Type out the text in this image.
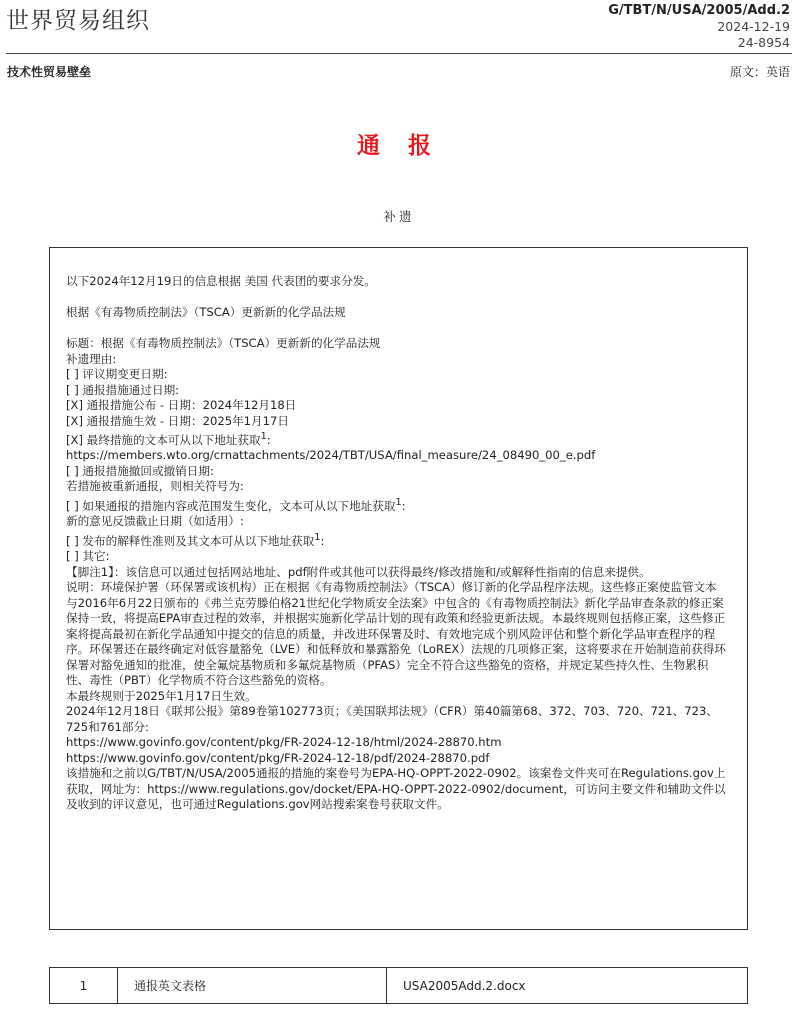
世界贸易组织	G/TBT/N/USA/2005/Add.2
2024-12-19
24-8954
技术性贸易壁垒	原文：英语
通 报
补遗

以下2024年12月19日的信息根据 美国 代表团的要求分发。

根据《有毒物质控制法》（TSCA）更新新的化学品法规

标题：根据《有毒物质控制法》（TSCA）更新新的化学品法规

补遗理由:

[ ] 评议期变更日期:

[ ] 通报措施通过日期:

[X] 通报措施公布 - 日期：2024年12月18日

[X] 通报措施生效 - 日期：2025年1月17日

[X] 最终措施的文本可从以下地址获取$^1$:

https://members.wto.org/crnattachments/2024/TBT/USA/final_measure/24_08490_00_e.pdf

[ ] 通报措施撤回或撤销日期:

若措施被重新通报，则相关符号为:

[ ] 如果通报的措施内容或范围发生变化，文本可从以下地址获取$^1$:

新的意见反馈截止日期（如适用）:

[ ] 发布的解释性准则及其文本可从以下地址获取$^1$:

[ ] 其它:

【脚注1】：该信息可以通过包括网站地址、pdf附件或其他可以获得最终/修改措施和/或解释性指南的信息来提供。

说明：环境保护署（环保署或该机构）正在根据《有毒物质控制法》（TSCA）修订新的化学品程序法规。这些修正案使监管文本与2016年6月22日颁布的《弗兰克劳滕伯格21世纪化学物质安全法案》中包含的《有毒物质控制法》新化学品审查条款的修正案保持一致，将提高EPA审查过程的效率，并根据实施新化学品计划的现有政策和经验更新法规。本最终规则包括修正案，这些修正案将提高最初在新化学品通知中提交的信息的质量，并改进环保署及时、有效地完成个别风险评估和整个新化学品审查程序的程序。环保署还在最终确定对低容量豁免（LVE）和低释放和暴露豁免（LoREX）法规的几项修正案，这将要求在开始制造前获得环保署对豁免通知的批准，使全氟烷基物质和多氟烷基物质（PFAS）完全不符合这些豁免的资格，并规定某些持久性、生物累积性、毒性（PBT）化学物质不符合这些豁免的资格。

本最终规则于2025年1月17日生效。

2024年12月18日《联邦公报》第89卷第102773页；《美国联邦法规》（CFR）第40篇第68、372、703、720、721、723、725和761部分:

https://www.govinfo.gov/content/pkg/FR-2024-12-18/html/2024-28870.htm

https://www.govinfo.gov/content/pkg/FR-2024-12-18/pdf/2024-28870.pdf

该措施和之前以G/TBT/N/USA/2005通报的措施的案卷号为EPA-HQ-OPPT-2022-0902。该案卷文件夹可在Regulations.gov上获取，网址为：https://www.regulations.gov/docket/EPA-HQ-OPPT-2022-0902/document，可访问主要文件和辅助文件以及收到的评议意见，也可通过Regulations.gov网站搜索案卷号获取文件。

1	通报英文表格	USA2005Add.2.docx
